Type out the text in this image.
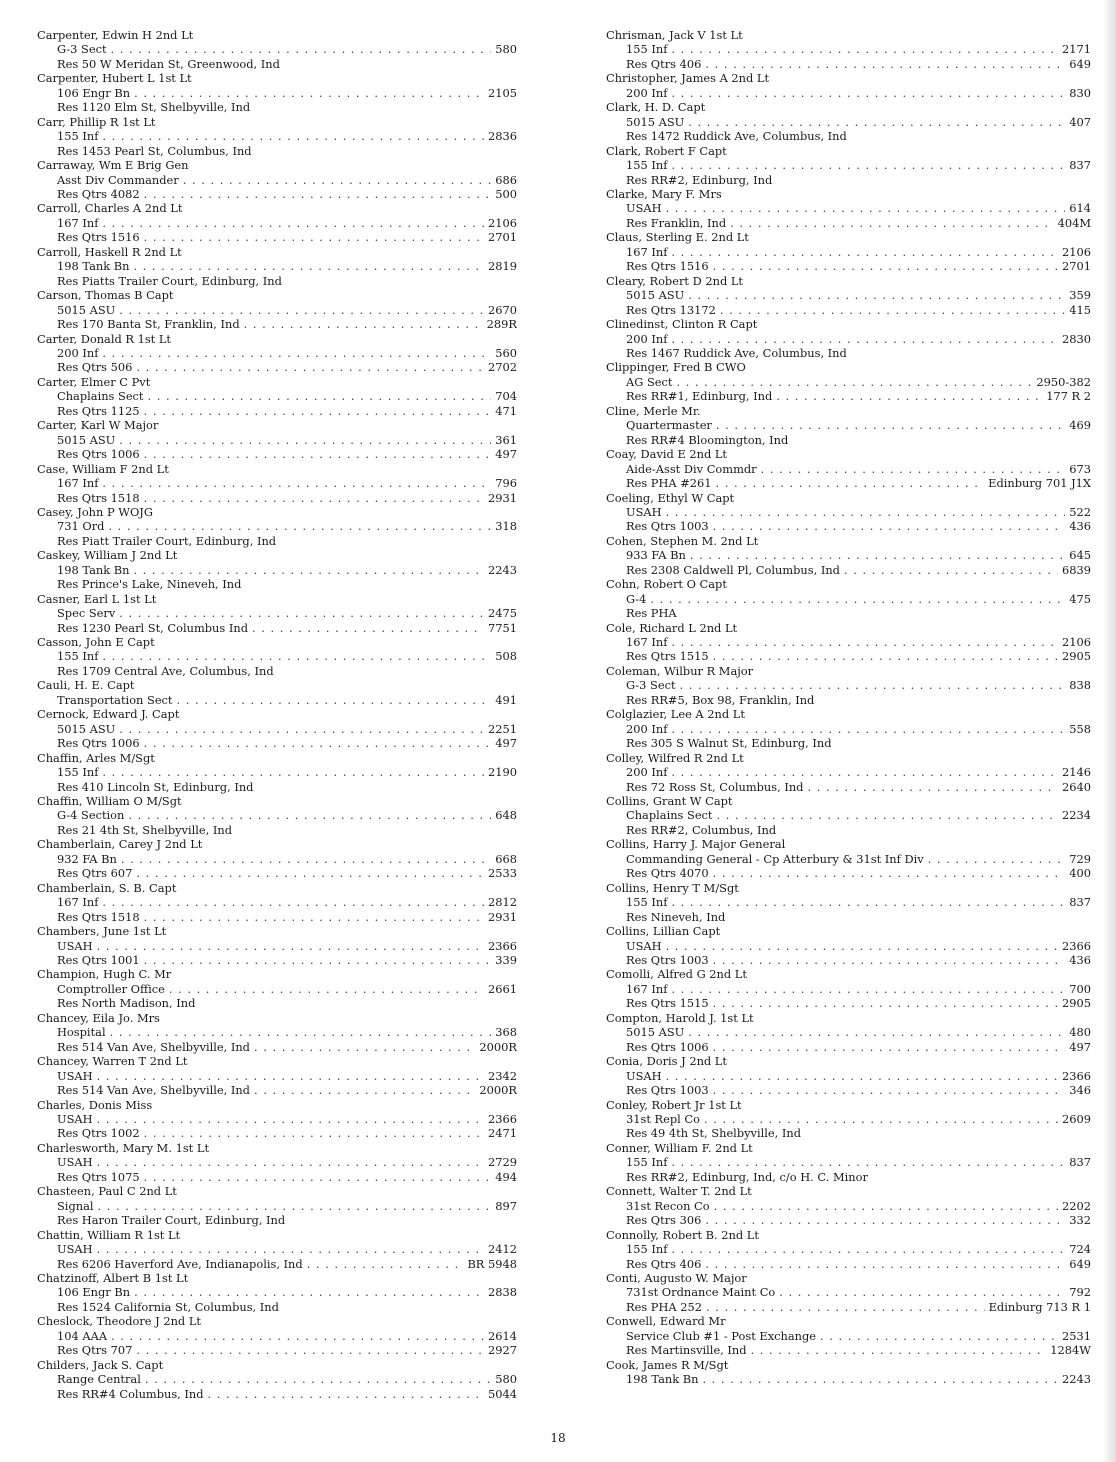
Carpenter, Edwin H 2nd Lt
G-3 Sect . . .	580
Res 50 W Meridan St, Greenwood, Ind
Carpenter, Hubert L 1st Lt
106 Engr Bn . . .	2105
Res 1120 Elm St, Shelbyville, Ind
Carr, Phillip R 1st Lt
155 Inf . . .	2836
Res 1453 Pearl St, Columbus, Ind
Carraway, Wm E Brig Gen
Asst Div Commander . . .	686
Res Qtrs 4082 . . .	500
Carroll, Charles A 2nd Lt
167 Inf . . .	2106
Res Qtrs 1516 . . .	2701
Carroll, Haskell R 2nd Lt
198 Tank Bn . . .	2819
Res Piatts Trailer Court, Edinburg, Ind
Carson, Thomas B Capt
5015 ASU . . .	2670
Res 170 Banta St, Franklin, Ind . . .	289R
Carter, Donald R 1st Lt
200 Inf . . .	560
Res Qtrs 506 . . .	2702
Carter, Elmer C Pvt
Chaplains Sect . . .	704
Res Qtrs 1125 . . .	471
Carter, Karl W Major
5015 ASU . . .	361
Res Qtrs 1006 . . .	497
Case, William F 2nd Lt
167 Inf . . .	796
Res Qtrs 1518 . . .	2931
Casey, John P WOJG
731 Ord . . .	318
Res Piatt Trailer Court, Edinburg, Ind
Caskey, William J 2nd Lt
198 Tank Bn . . .	2243
Res Prince's Lake, Nineveh, Ind
Casner, Earl L 1st Lt
Spec Serv . . .	2475
Res 1230 Pearl St, Columbus Ind . . .	7751
Casson, John E Capt
155 Inf . . .	508
Res 1709 Central Ave, Columbus, Ind
Cauli, H. E. Capt
Transportation Sect . . .	491
Cernock, Edward J. Capt
5015 ASU . . .	2251
Res Qtrs 1006 . . .	497
Chaffin, Arles M/Sgt
155 Inf . . .	2190
Res 410 Lincoln St, Edinburg, Ind
Chaffin, William O M/Sgt
G-4 Section . . .	648
Res 21 4th St, Shelbyville, Ind
Chamberlain, Carey J 2nd Lt
932 FA Bn . . .	668
Res Qtrs 607 . . .	2533
Chamberlain, S. B. Capt
167 Inf . . .	2812
Res Qtrs 1518 . . .	2931
Chambers, June 1st Lt
USAH . . .	2366
Res Qtrs 1001 . . .	339
Champion, Hugh C. Mr
Comptroller Office . . .	2661
Res North Madison, Ind
Chancey, Eila Jo. Mrs
Hospital . . .	368
Res 514 Van Ave, Shelbyville, Ind . . .	2000R
Chancey, Warren T 2nd Lt
USAH . . .	2342
Res 514 Van Ave, Shelbyville, Ind . . .	2000R
Charles, Donis Miss
USAH . . .	2366
Res Qtrs 1002 . . .	2471
Charlesworth, Mary M. 1st Lt
USAH . . .	2729
Res Qtrs 1075 . . .	494
Chasteen, Paul C 2nd Lt
Signal . . .	897
Res Haron Trailer Court, Edinburg, Ind
Chattin, William R 1st Lt
USAH . . .	2412
Res 6206 Haverford Ave, Indianapolis, Ind . . .	BR 5948
Chatzinoff, Albert B 1st Lt
106 Engr Bn . . .	2838
Res 1524 California St, Columbus, Ind
Cheslock, Theodore J 2nd Lt
104 AAA . . .	2614
Res Qtrs 707 . . .	2927
Childers, Jack S. Capt
Range Central . . .	580
Res RR#4 Columbus, Ind . . .	5044
Chrisman, Jack V 1st Lt
155 Inf . . .	2171
Res Qtrs 406 . . .	649
Christopher, James A 2nd Lt
200 Inf . . .	830
Clark, H. D. Capt
5015 ASU . . .	407
Res 1472 Ruddick Ave, Columbus, Ind
Clark, Robert F Capt
155 Inf . . .	837
Res RR#2, Edinburg, Ind
Clarke, Mary F. Mrs
USAH . . .	614
Res Franklin, Ind . . .	404M
Claus, Sterling E. 2nd Lt
167 Inf . . .	2106
Res Qtrs 1516 . . .	2701
Cleary, Robert D 2nd Lt
5015 ASU . . .	359
Res Qtrs 13172 . . .	415
Clinedinst, Clinton R Capt
200 Inf . . .	2830
Res 1467 Ruddick Ave, Columbus, Ind
Clippinger, Fred B CWO
AG Sect . . .	2950-382
Res RR#1, Edinburg, Ind . . .	177 R 2
Cline, Merle Mr.
Quartermaster . . .	469
Res RR#4 Bloomington, Ind
Coay, David E 2nd Lt
Aide-Asst Div Commdr . . .	673
Res PHA #261 . . .	Edinburg 701 J1X
Coeling, Ethyl W Capt
USAH . . .	522
Res Qtrs 1003 . . .	436
Cohen, Stephen M. 2nd Lt
933 FA Bn . . .	645
Res 2308 Caldwell Pl, Columbus, Ind . . .	6839
Cohn, Robert O Capt
G-4 . . .	475
Res PHA
Cole, Richard L 2nd Lt
167 Inf . . .	2106
Res Qtrs 1515 . . .	2905
Coleman, Wilbur R Major
G-3 Sect . . .	838
Res RR#5, Box 98, Franklin, Ind
Colglazier, Lee A 2nd Lt
200 Inf . . .	558
Res 305 S Walnut St, Edinburg, Ind
Colley, Wilfred R 2nd Lt
200 Inf . . .	2146
Res 72 Ross St, Columbus, Ind . . .	2640
Collins, Grant W Capt
Chaplains Sect . . .	2234
Res RR#2, Columbus, Ind
Collins, Harry J. Major General
Commanding General - Cp Atterbury & 31st Inf Div . . .	729
Res Qtrs 4070 . . .	400
Collins, Henry T M/Sgt
155 Inf . . .	837
Res Nineveh, Ind
Collins, Lillian Capt
USAH . . .	2366
Res Qtrs 1003 . . .	436
Comolli, Alfred G 2nd Lt
167 Inf . . .	700
Res Qtrs 1515 . . .	2905
Compton, Harold J. 1st Lt
5015 ASU . . .	480
Res Qtrs 1006 . . .	497
Conia, Doris J 2nd Lt
USAH . . .	2366
Res Qtrs 1003 . . .	346
Conley, Robert Jr 1st Lt
31st Repl Co . . .	2609
Res 49 4th St, Shelbyville, Ind
Conner, William F. 2nd Lt
155 Inf . . .	837
Res RR#2, Edinburg, Ind, c/o H. C. Minor
Connett, Walter T. 2nd Lt
31st Recon Co . . .	2202
Res Qtrs 306 . . .	332
Connolly, Robert B. 2nd Lt
155 Inf . . .	724
Res Qtrs 406 . . .	649
Conti, Augusto W. Major
731st Ordnance Maint Co . . .	792
Res PHA 252 . . .	Edinburg 713 R 1
Conwell, Edward Mr
Service Club #1 - Post Exchange . . .	2531
Res Martinsville, Ind . . .	1284W
Cook, James R M/Sgt
198 Tank Bn . . .	2243
18
